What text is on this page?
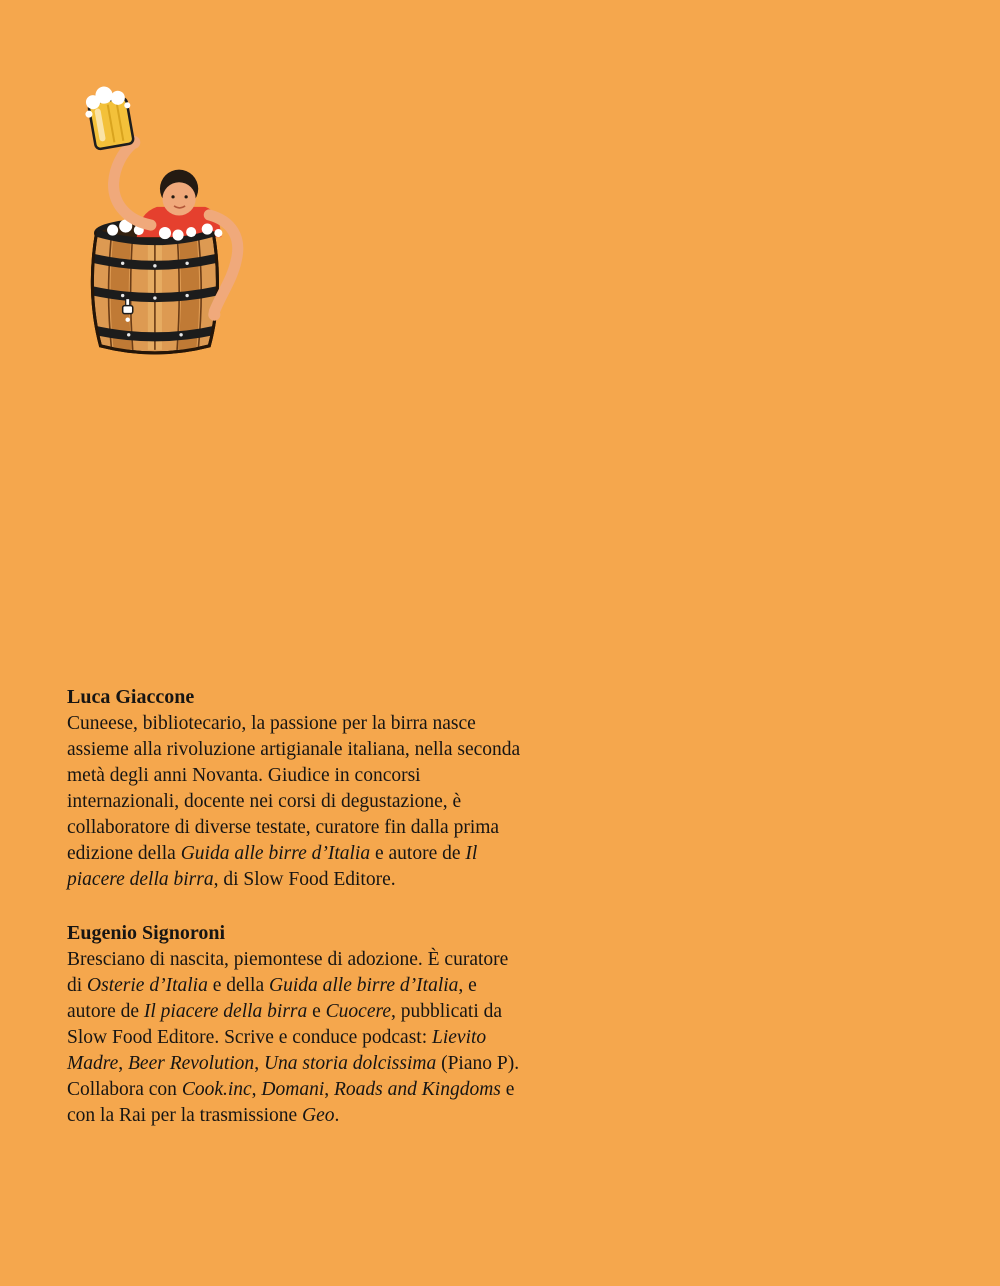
Luca Giaccone

Cuneese, bibliotecario, la passione per la birra nasce assieme alla rivoluzione artigianale italiana, nella seconda metà degli anni Novanta. Giudice in concorsi internazionali, docente nei corsi di degustazione, è collaboratore di diverse testate, curatore fin dalla prima edizione della Guida alle birre d’Italia e autore de Il piacere della birra, di Slow Food Editore.

Eugenio Signoroni

Bresciano di nascita, piemontese di adozione. È curatore di Osterie d’Italia e della Guida alle birre d’Italia, e autore de Il piacere della birra e Cuocere, pubblicati da Slow Food Editore. Scrive e conduce podcast: Lievito Madre, Beer Revolution, Una storia dolcissima (Piano P). Collabora con Cook.inc, Domani, Roads and Kingdoms e con la Rai per la trasmissione Geo.
